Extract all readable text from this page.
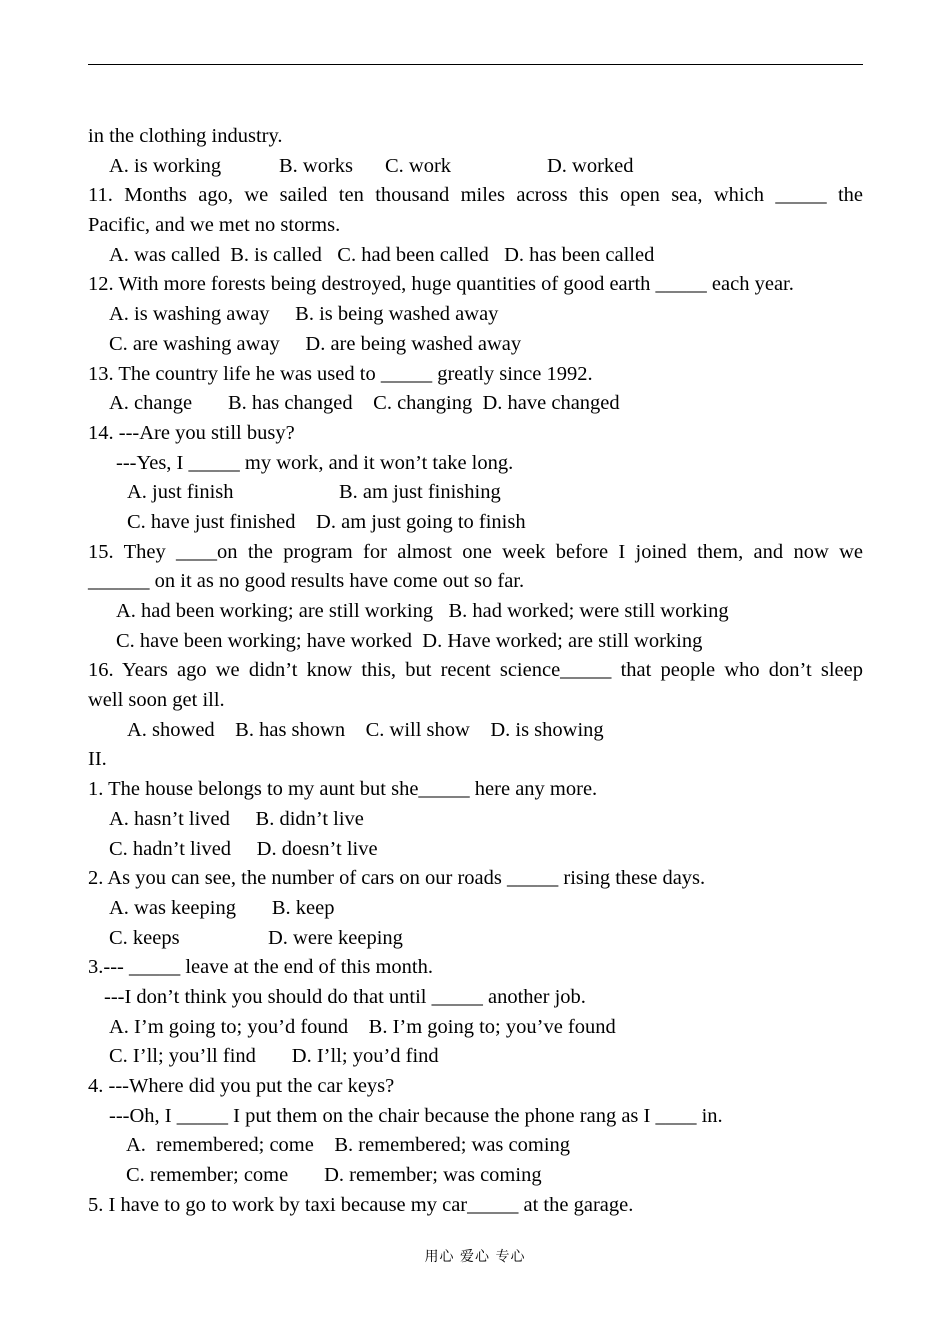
in the clothing industry.
A. is working	B. works C. work	D. worked
11. Months ago, we sailed ten thousand miles across this open sea, which _____ the
Pacific, and we met no storms.
A. was called  B. is called   C. had been called   D. has been called
12. With more forests being destroyed, huge quantities of good earth _____ each year.
A. is washing away     B. is being washed away
C. are washing away     D. are being washed away
13. The country life he was used to _____ greatly since 1992.
A. change       B. has changed    C. changing  D. have changed
14. ---Are you still busy?
---Yes, I _____ my work, and it won’t take long.
A. just finish	B. am just finishing
C. have just finished    D. am just going to finish
15. They ____on the program for almost one week before I joined them, and now we
______ on it as no good results have come out so far.
A. had been working; are still working   B. had worked; were still working
C. have been working; have worked  D. Have worked; are still working
16. Years ago we didn’t know this, but recent science_____ that people who don’t sleep
well soon get ill.
A. showed    B. has shown    C. will show    D. is showing
II.
1. The house belongs to my aunt but she_____ here any more.
A. hasn’t lived     B. didn’t live
C. hadn’t lived     D. doesn’t live
2. As you can see, the number of cars on our roads _____ rising these days.
A. was keeping       B. keep
C. keeps	D. were keeping
3.--- _____ leave at the end of this month.
---I don’t think you should do that until _____ another job.
A. I’m going to; you’d found    B. I’m going to; you’ve found
C. I’ll; you’ll find       D. I’ll; you’d find
4. ---Where did you put the car keys?
---Oh, I _____ I put them on the chair because the phone rang as I ____ in.
A.  remembered; come    B. remembered; was coming
C. remember; come       D. remember; was coming
5. I have to go to work by taxi because my car_____ at the garage.
用心 爱心 专心
